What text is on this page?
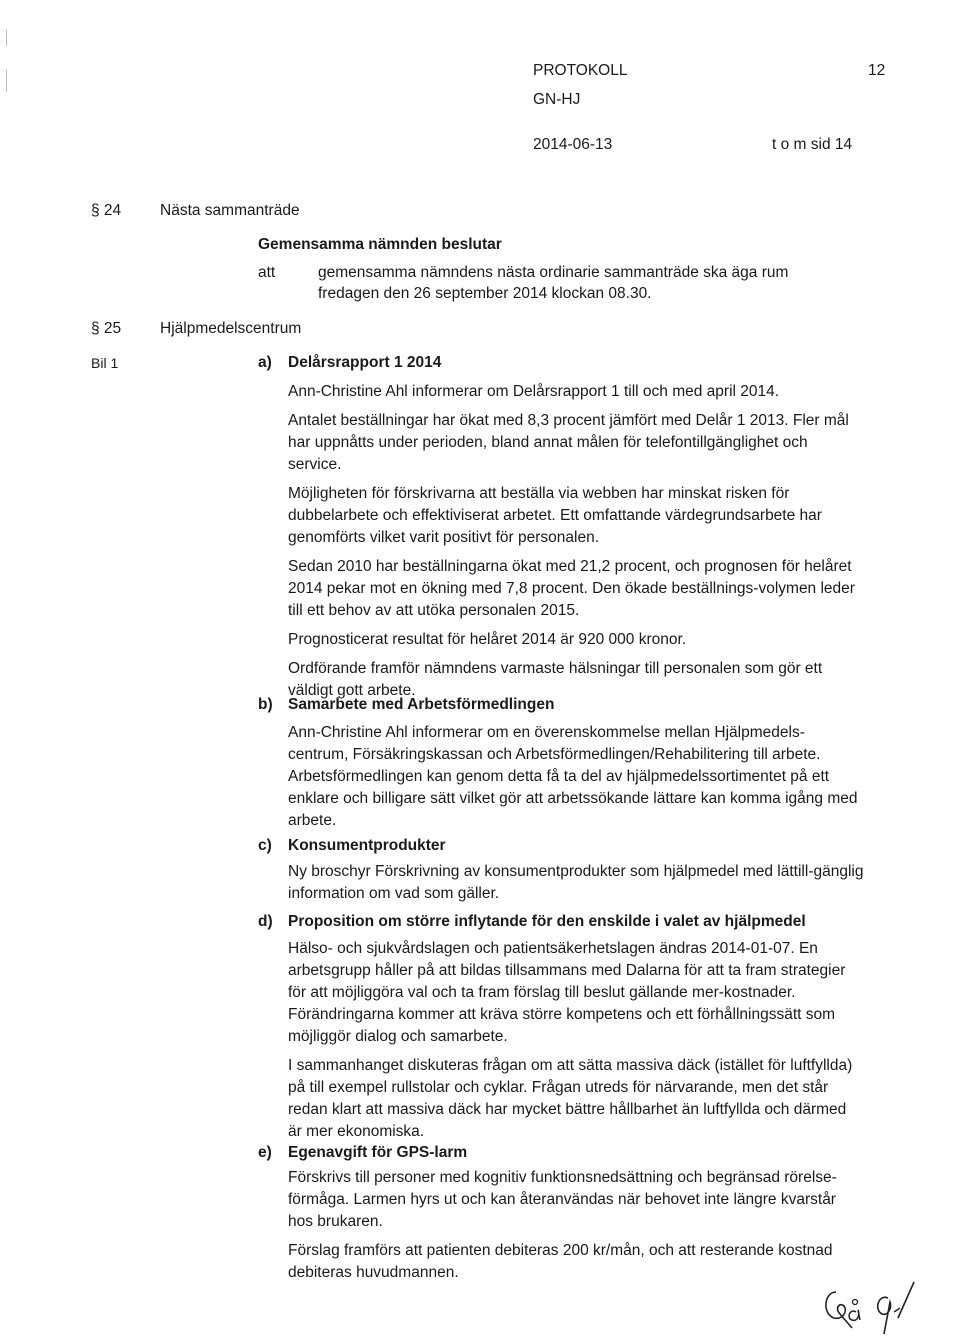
PROTOKOLL	12
GN-HJ
2014-06-13	t o m sid 14
§ 24	Nästa sammanträde
Gemensamma nämnden beslutar
att	gemensamma nämndens nästa ordinarie sammanträde ska äga rum
fredagen den 26 september 2014 klockan 08.30.
§ 25	Hjälpmedelscentrum
Bil 1	a) Delårsrapport 1 2014

Ann-Christine Ahl informerar om Delårsrapport 1 till och med april 2014.

Antalet beställningar har ökat med 8,3 procent jämfört med Delår 1 2013. Fler mål har uppnåtts under perioden, bland annat målen för telefontillgänglighet och service.

Möjligheten för förskrivarna att beställa via webben har minskat risken för dubbelarbete och effektiviserat arbetet. Ett omfattande värdegrundsarbete har genomförts vilket varit positivt för personalen.

Sedan 2010 har beställningarna ökat med 21,2 procent, och prognosen för helåret 2014 pekar mot en ökning med 7,8 procent. Den ökade beställnings-volymen leder till ett behov av att utöka personalen 2015.

Prognosticerat resultat för helåret 2014 är 920 000 kronor.

Ordförande framför nämndens varmaste hälsningar till personalen som gör ett väldigt gott arbete.

b) Samarbete med Arbetsförmedlingen

Ann-Christine Ahl informerar om en överenskommelse mellan Hjälpmedels-centrum, Försäkringskassan och Arbetsförmedlingen/Rehabilitering till arbete. Arbetsförmedlingen kan genom detta få ta del av hjälpmedelssortimentet på ett enklare och billigare sätt vilket gör att arbetssökande lättare kan komma igång med arbete.

c) Konsumentprodukter

Ny broschyr Förskrivning av konsumentprodukter som hjälpmedel med lättill-gänglig information om vad som gäller.

d) Proposition om större inflytande för den enskilde i valet av hjälpmedel

Hälso- och sjukvårdslagen och patientsäkerhetslagen ändras 2014-01-07. En arbetsgrupp håller på att bildas tillsammans med Dalarna för att ta fram strategier för att möjliggöra val och ta fram förslag till beslut gällande mer-kostnader. Förändringarna kommer att kräva större kompetens och ett förhållningssätt som möjliggör dialog och samarbete.

I sammanhanget diskuteras frågan om att sätta massiva däck (istället för luftfyllda) på till exempel rullstolar och cyklar. Frågan utreds för närvarande, men det står redan klart att massiva däck har mycket bättre hållbarhet än luftfyllda och därmed är mer ekonomiska.

e) Egenavgift för GPS-larm

Förskrivs till personer med kognitiv funktionsnedsättning och begränsad rörelse-förmåga. Larmen hyrs ut och kan återanvändas när behovet inte längre kvarstår hos brukaren.

Förslag framförs att patienten debiteras 200 kr/mån, och att resterande kostnad debiteras huvudmannen.
